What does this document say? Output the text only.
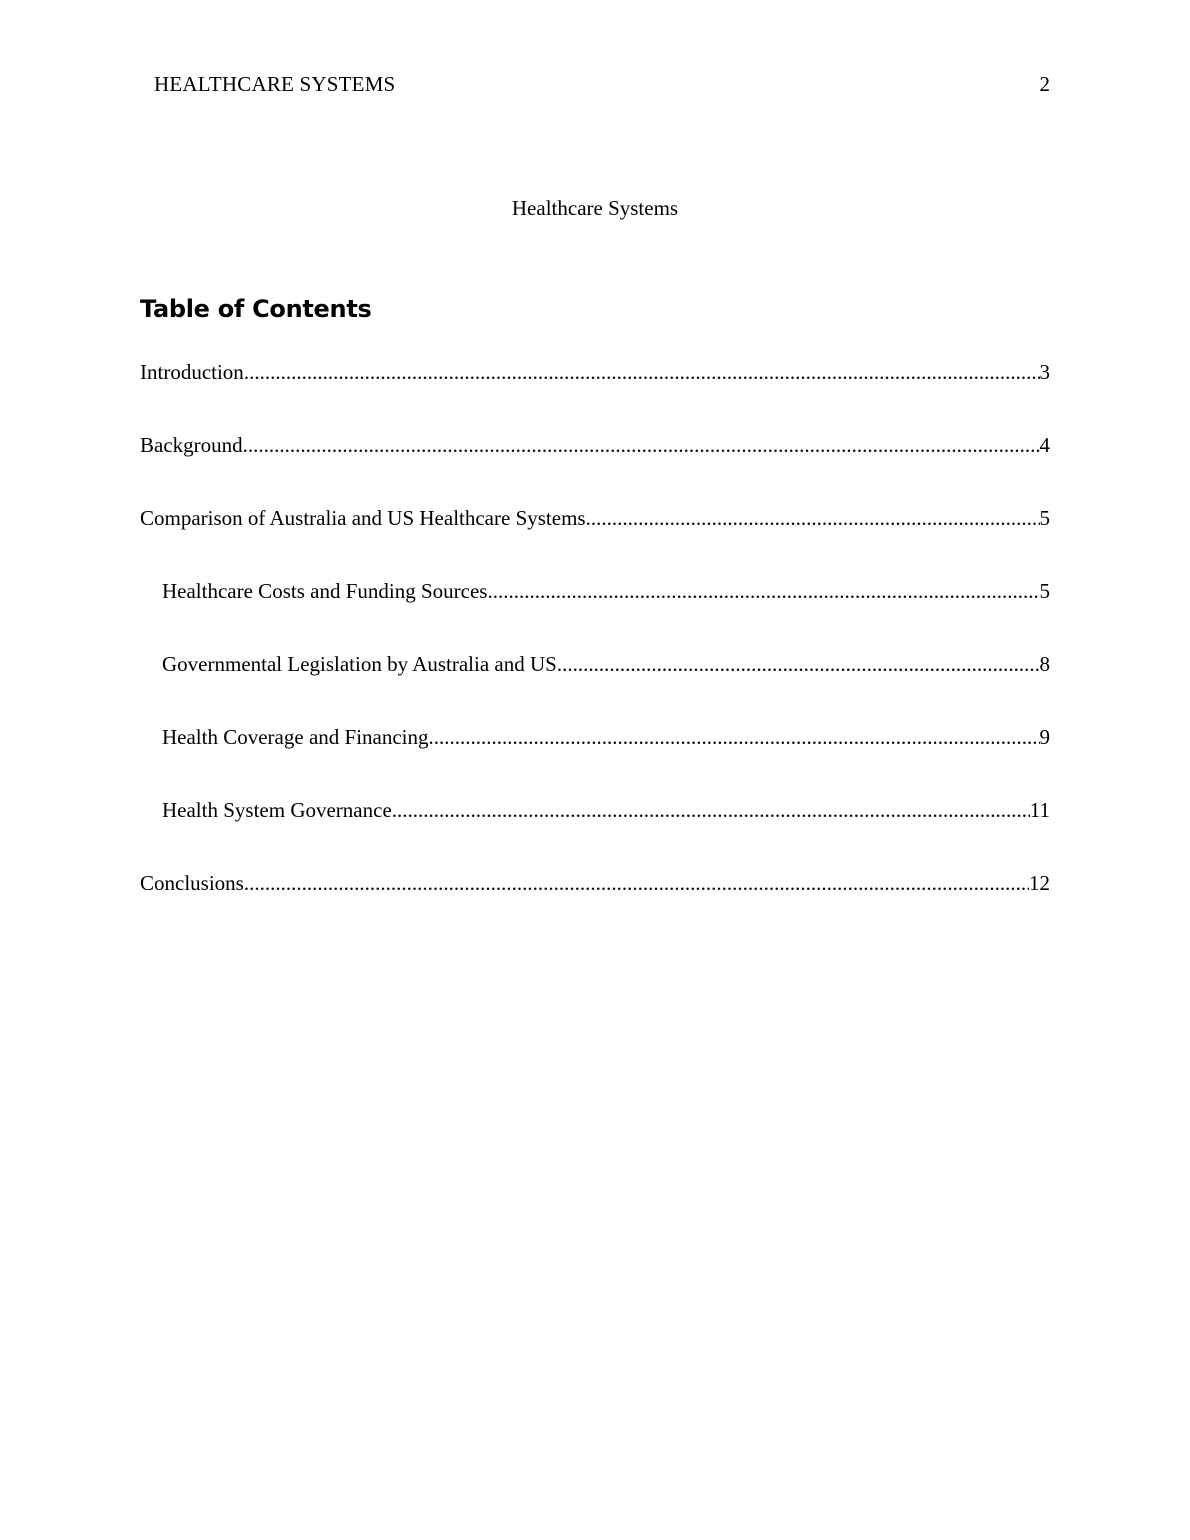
HEALTHCARE SYSTEMS	2
Healthcare Systems
Table of Contents
Introduction .....	3
Background .....	4
Comparison of Australia and US Healthcare Systems .....	5
Healthcare Costs and Funding Sources .....	5
Governmental Legislation by Australia and US .....	8
Health Coverage and Financing .....	9
Health System Governance .....	11
Conclusions .....	12
